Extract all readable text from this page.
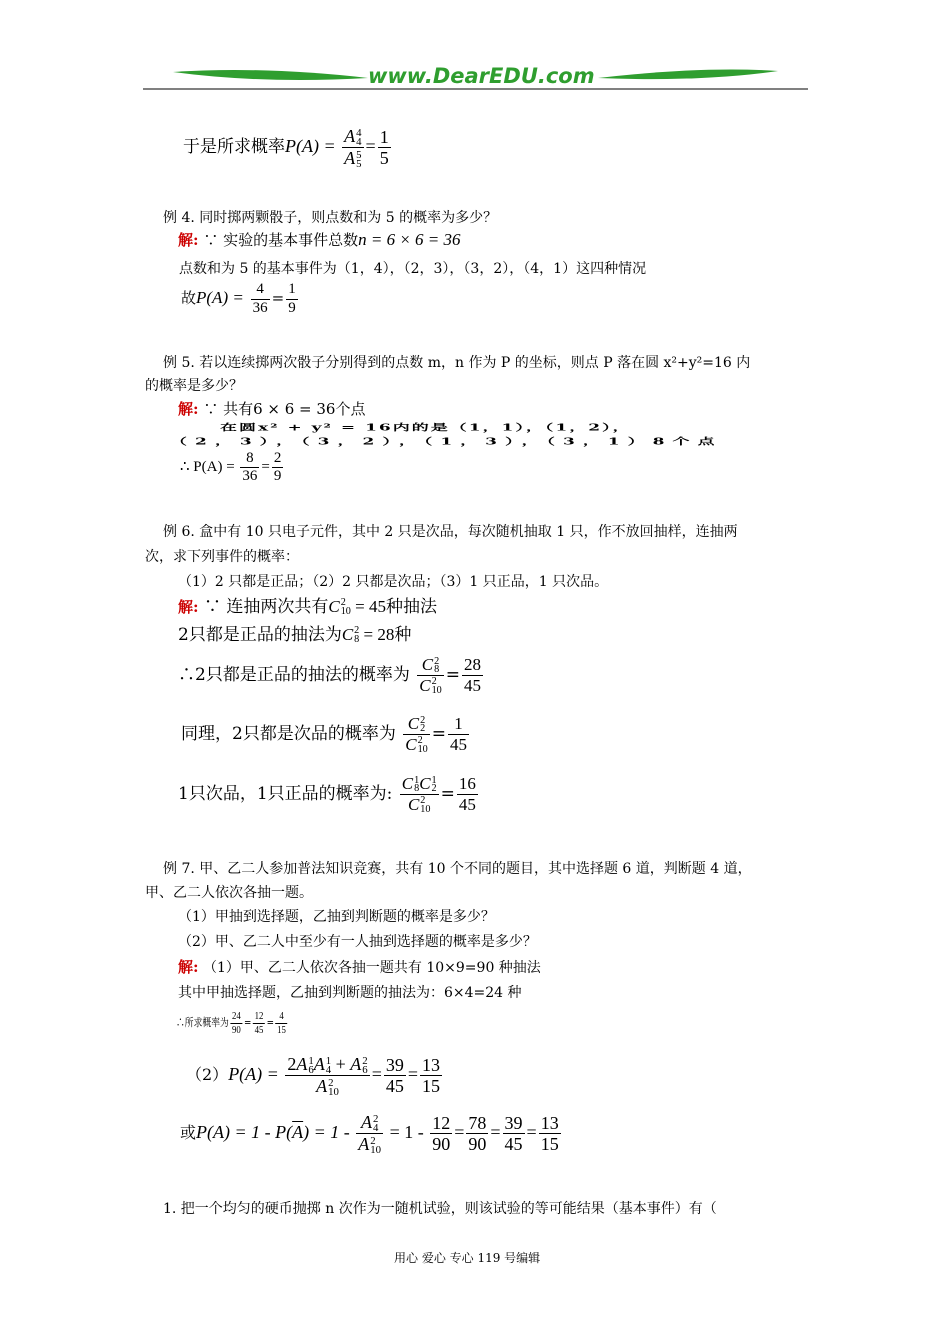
www.DearEDU.com
于是所求概率P(A) = A 4
4
A 5
$5 = \frac{1}{5}$
例 4. 同时掷两颗骰子，则点数和为 5 的概率为多少？
解: ∵ 实验的基本事件总数n = 6 × 6 = 36
点数和为 5 的基本事件为（1，4），（2，3），（3，2），（4，1）这四种情况
故$P(A) = \frac{4}{36} = \frac{1}{9}$
例 5. 若以连续掷两次骰子分别得到的点数 m，n 作为 P 的坐标，则点 P 落在圆 x²+y²=16 内
的概率是多少？
解: ∵ 共有6 × 6 = 36个点
在圆x² + y² = 16内的是（1，1），（1，2），
（2，3），（3，2），（1，3），（3，1）8个点
∴ $P(A) = \frac{8}{36} = \frac{2}{9}$
例 6. 盒中有 10 只电子元件，其中 2 只是次品，每次随机抽取 1 只，作不放回抽样，连抽两
次，求下列事件的概率：
（1）2 只都是正品；（2）2 只都是次品；（3）1 只正品，1 只次品。
解: ∵ 连抽两次共有C 2
10 = 45种抽法
2只都是正品的抽法为C 2
8 = 28种
∴2只都是正品的抽法的概率为 C 2
8
C 2
$10 = \frac{28}{45}$
同理，2只都是次品的概率为 C 2
2
C 2
$10 = \frac{1}{45}$
1只次品，1只正品的概率为: C 1
8 C 1
2
C 2
$10 = \frac{16}{45}$
例 7. 甲、乙二人参加普法知识竞赛，共有 10 个不同的题目，其中选择题 6 道，判断题 4 道，
甲、乙二人依次各抽一题。
（1）甲抽到选择题，乙抽到判断题的概率是多少？
（2）甲、乙二人中至少有一人抽到选择题的概率是多少？
解: （1）甲、乙二人依次各抽一题共有 10×9=90 种抽法
其中甲抽选择题，乙抽到判断题的抽法为：6×4=24 种
∴所求概率为 $\frac{24}{90} = \frac{12}{45} = \frac{4}{15}$
（2）P(A) = 2A 1
6 A 1
4 + A 2
6
A 2
$10 = \frac{39}{45} = \frac{13}{15}$
或$P(A) = 1 - P(\overline{A}) = 1 - A$ 2
4
A 2
$10 = 1 - \frac{12}{90} = \frac{78}{90} = \frac{39}{45} = \frac{13}{15}$
1. 把一个均匀的硬币抛掷 n 次作为一随机试验，则该试验的等可能结果（基本事件）有（
用心 爱心 专心 119 号编辑
